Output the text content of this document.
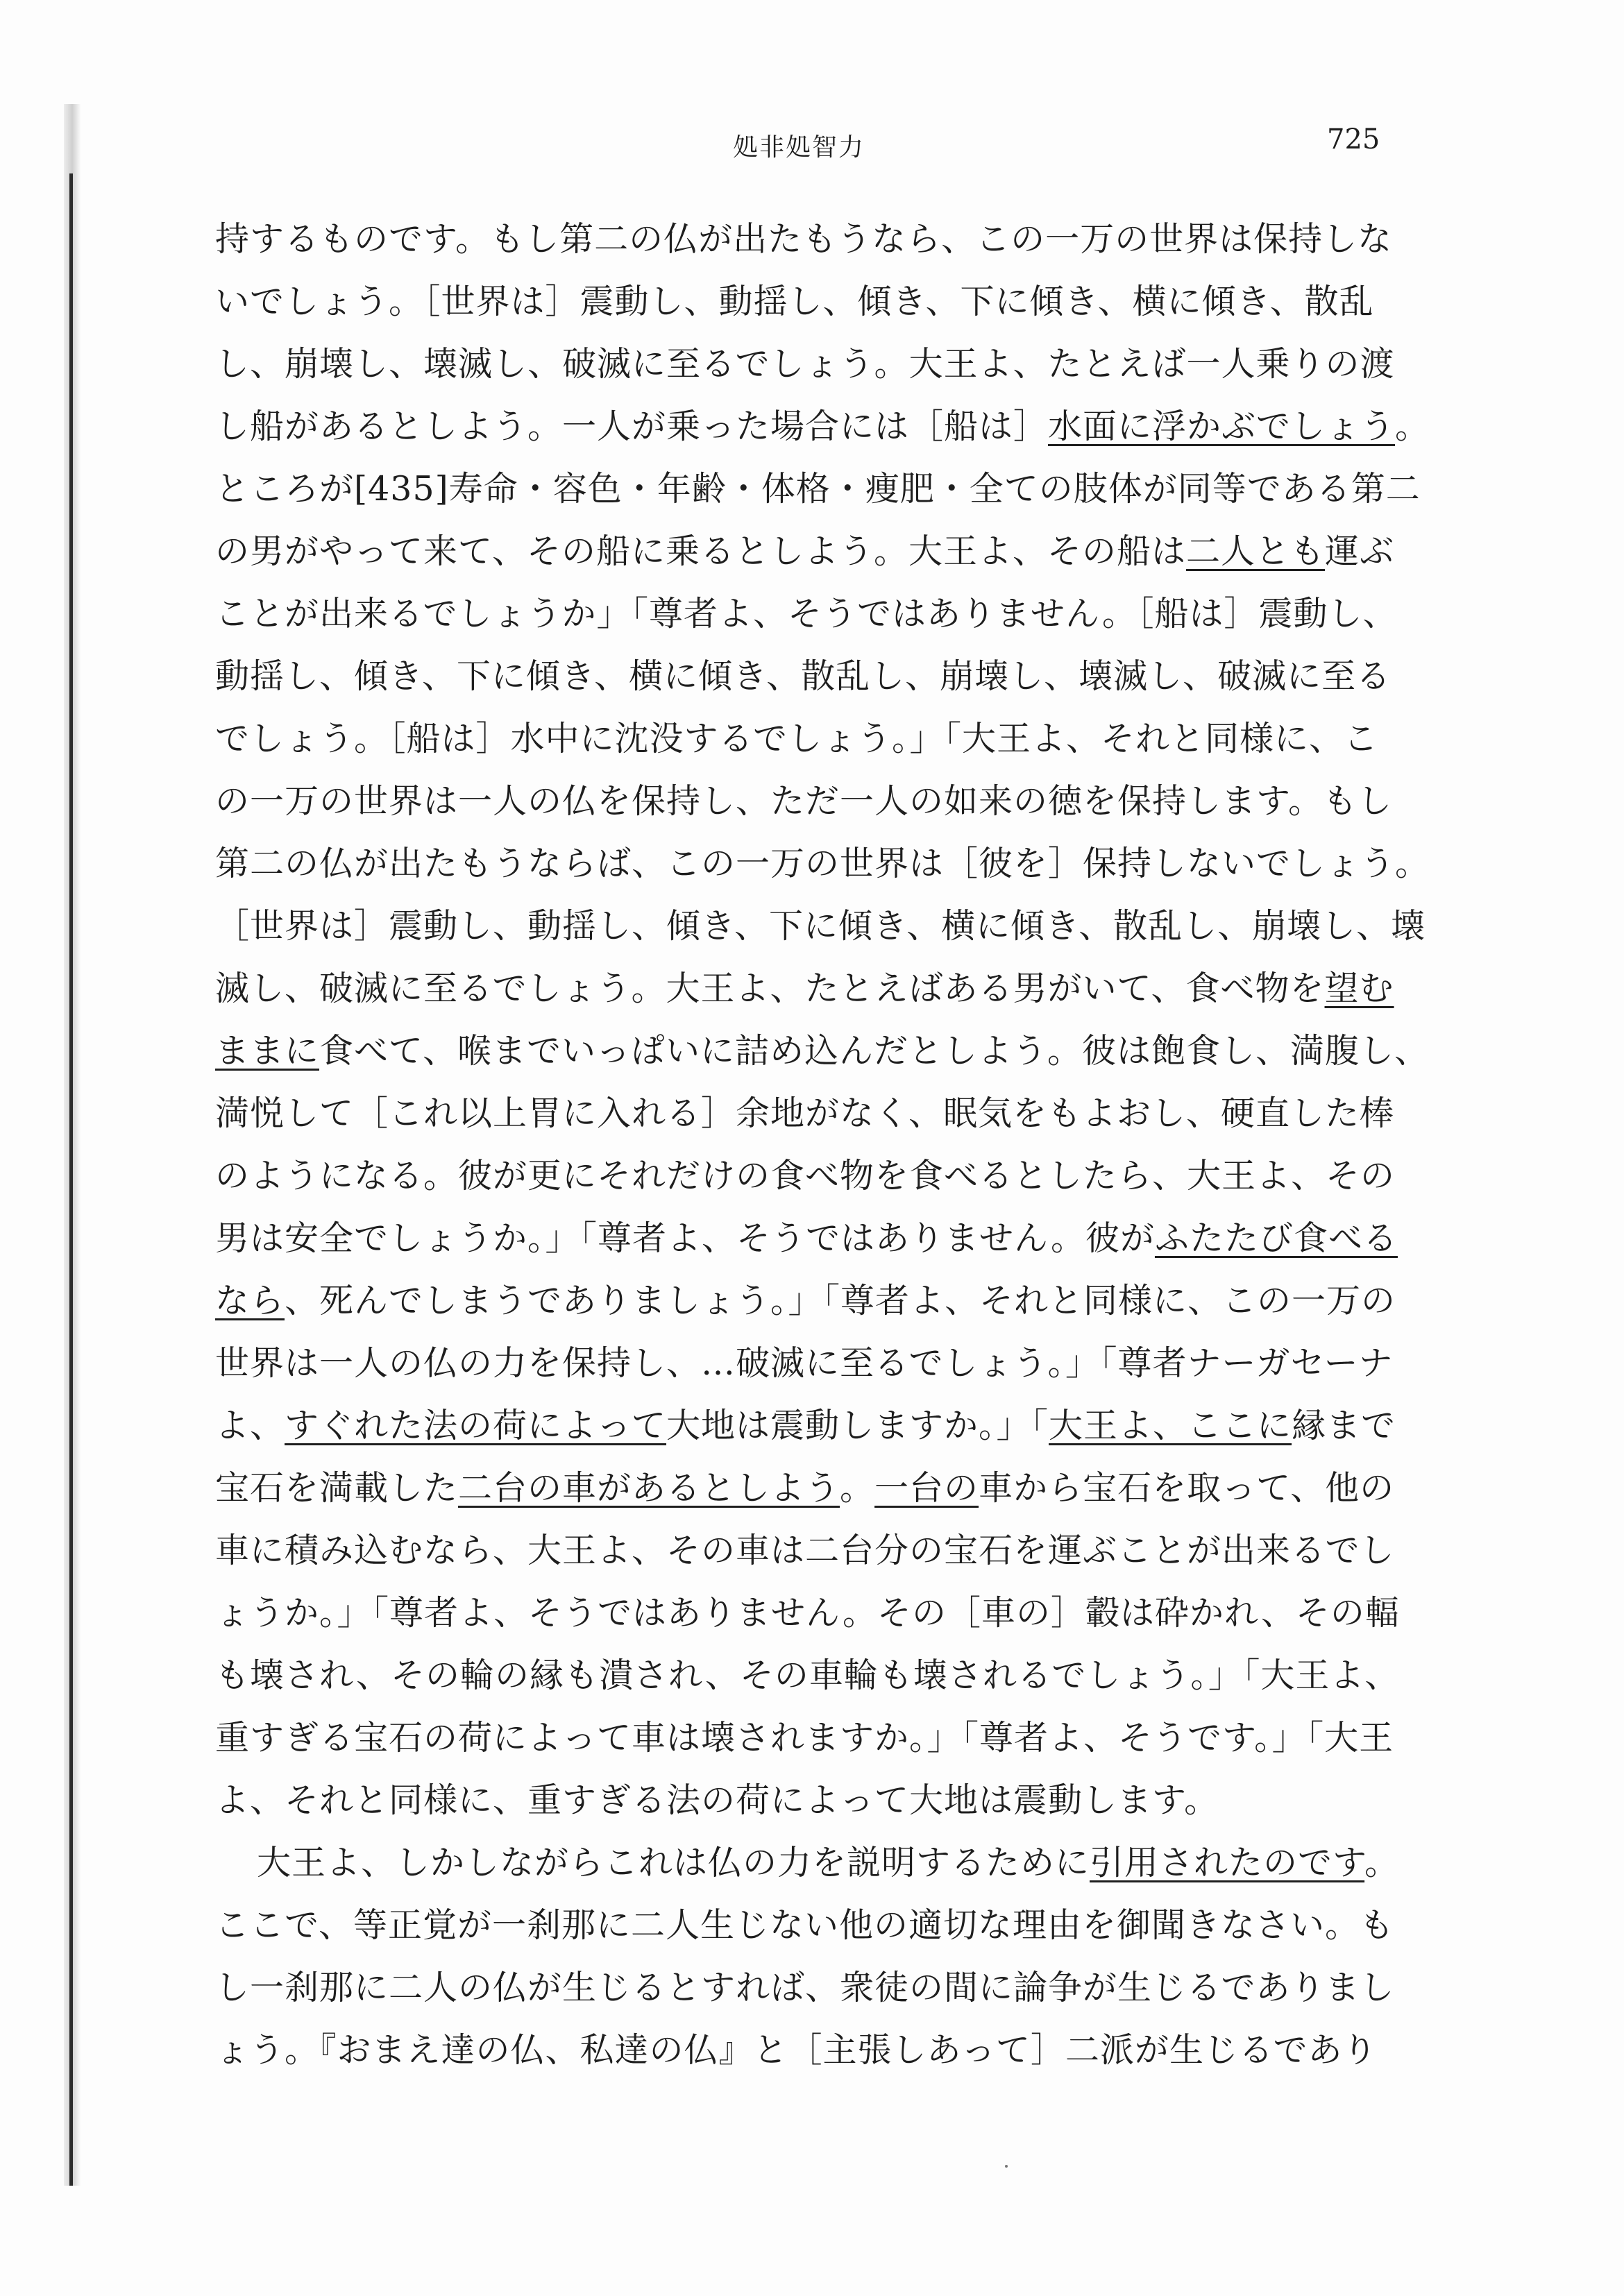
処非処智力	725
持するものです。もし第二の仏が出たもうなら、この一万の世界は保持しな
いでしょう。［世界は］震動し、動揺し、傾き、下に傾き、横に傾き、散乱
し、崩壊し、壊滅し、破滅に至るでしょう。大王よ、たとえば一人乗りの渡
し船があるとしよう。一人が乗った場合には［船は］水面に浮かぶでしょう。
ところが[435]寿命・容色・年齢・体格・痩肥・全ての肢体が同等である第二
の男がやって来て、その船に乗るとしよう。大王よ、その船は二人とも運ぶ
ことが出来るでしょうか」「尊者よ、そうではありません。［船は］震動し、
動揺し、傾き、下に傾き、横に傾き、散乱し、崩壊し、壊滅し、破滅に至る
でしょう。［船は］水中に沈没するでしょう。」「大王よ、それと同様に、こ
の一万の世界は一人の仏を保持し、ただ一人の如来の徳を保持します。もし
第二の仏が出たもうならば、この一万の世界は［彼を］保持しないでしょう。
［世界は］震動し、動揺し、傾き、下に傾き、横に傾き、散乱し、崩壊し、壊
滅し、破滅に至るでしょう。大王よ、たとえばある男がいて、食べ物を望む
ままに食べて、喉までいっぱいに詰め込んだとしよう。彼は飽食し、満腹し、
満悦して［これ以上胃に入れる］余地がなく、眠気をもよおし、硬直した棒
のようになる。彼が更にそれだけの食べ物を食べるとしたら、大王よ、その
男は安全でしょうか。」「尊者よ、そうではありません。彼がふたたび食べる
なら、死んでしまうでありましょう。」「尊者よ、それと同様に、この一万の
世界は一人の仏の力を保持し、…破滅に至るでしょう。」「尊者ナーガセーナ
よ、すぐれた法の荷によって大地は震動しますか。」「大王よ、ここに縁まで
宝石を満載した二台の車があるとしよう。一台の車から宝石を取って、他の
車に積み込むなら、大王よ、その車は二台分の宝石を運ぶことが出来るでし
ょうか。」「尊者よ、そうではありません。その［車の］轂は砕かれ、その輻
も壊され、その輪の縁も潰され、その車輪も壊されるでしょう。」「大王よ、
重すぎる宝石の荷によって車は壊されますか。」「尊者よ、そうです。」「大王
よ、それと同様に、重すぎる法の荷によって大地は震動します。
大王よ、しかしながらこれは仏の力を説明するために引用されたのです。
ここで、等正覚が一刹那に二人生じない他の適切な理由を御聞きなさい。も
し一刹那に二人の仏が生じるとすれば、衆徒の間に論争が生じるでありまし
ょう。『おまえ達の仏、私達の仏』と［主張しあって］二派が生じるであり
